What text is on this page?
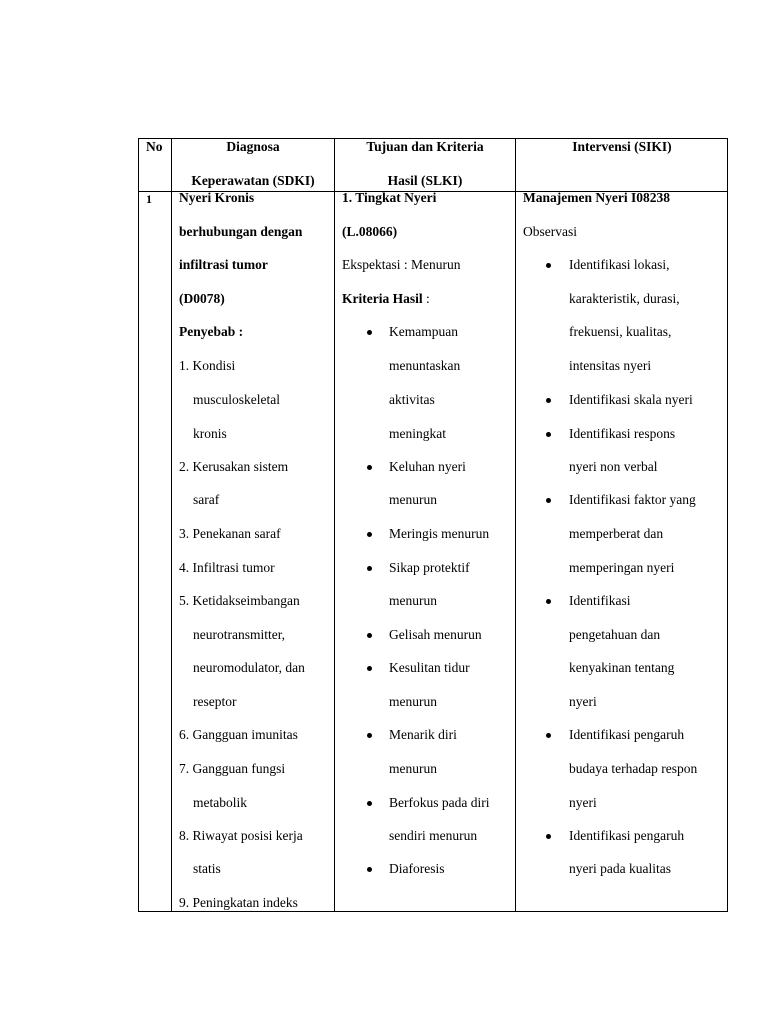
No	Diagnosa
Keperawatan (SDKI)
Tujuan dan Kriteria
Hasil (SLKI)
Intervensi (SIKI)
1 Nyeri Kronis
berhubungan dengan
infiltrasi tumor
(D0078)
Penyebab :
1. Kondisi
musculoskeletal
kronis
2. Kerusakan sistem
saraf
3. Penekanan saraf
4. Infiltrasi tumor
5. Ketidakseimbangan
neurotransmitter,
neuromodulator, dan
reseptor
6. Gangguan imunitas
7. Gangguan fungsi
metabolik
8. Riwayat posisi kerja
statis
9. Peningkatan indeks
1. Tingkat Nyeri
(L.08066)
Ekspektasi : Menurun
Kriteria Hasil :
Kemampuan
menuntaskan
aktivitas
meningkat
Keluhan nyeri
menurun
Meringis menurun
Sikap protektif
menurun
Gelisah menurun
Kesulitan tidur
menurun
Menarik diri
menurun
Berfokus pada diri
sendiri menurun
Diaforesis
Manajemen Nyeri I08238
Observasi
Identifikasi lokasi,
karakteristik, durasi,
frekuensi, kualitas,
intensitas nyeri
Identifikasi skala nyeri
Identifikasi respons
nyeri non verbal
Identifikasi faktor yang
memperberat dan
memperingan nyeri
Identifikasi
pengetahuan dan
kenyakinan tentang
nyeri
Identifikasi pengaruh
budaya terhadap respon
nyeri
Identifikasi pengaruh
nyeri pada kualitas
